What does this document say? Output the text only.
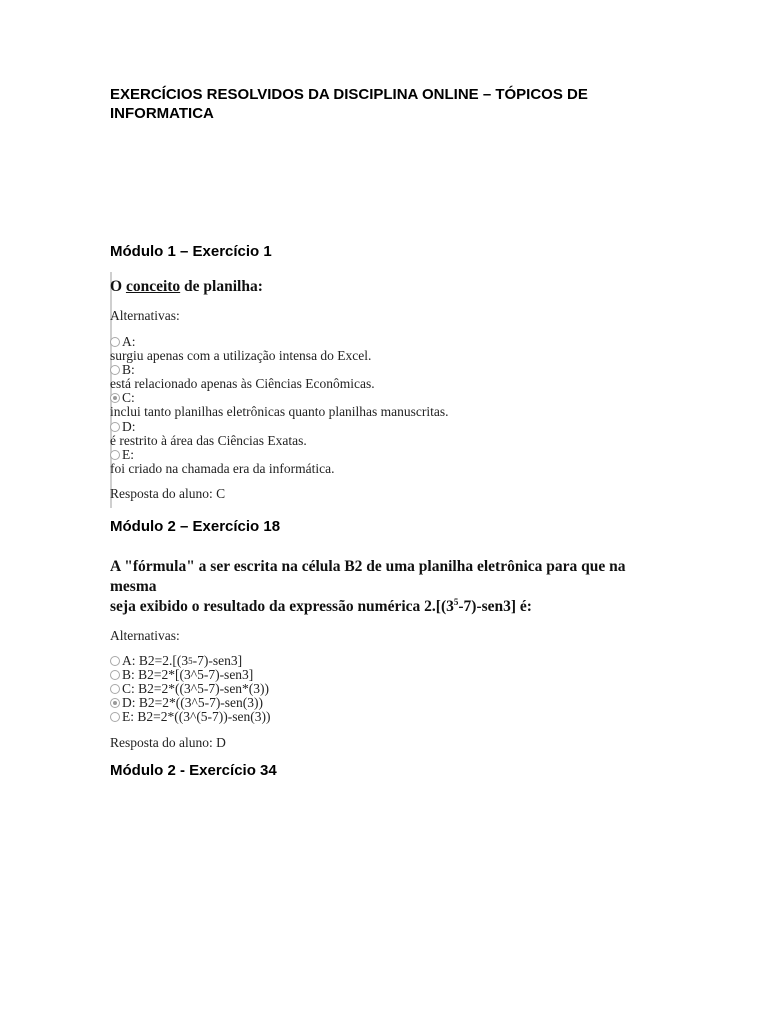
EXERCÍCIOS RESOLVIDOS DA DISCIPLINA ONLINE – TÓPICOS DE
INFORMATICA
Módulo 1 – Exercício 1

O conceito de planilha:

Alternativas:

A:

surgiu apenas com a utilização intensa do Excel.

B:

está relacionado apenas às Ciências Econômicas.

C:

inclui tanto planilhas eletrônicas quanto planilhas manuscritas.

D:

é restrito à área das Ciências Exatas.

E:

foi criado na chamada era da informática.

Resposta do aluno: C

Módulo 2 – Exercício 18

A "fórmula" a ser escrita na célula B2 de uma planilha eletrônica para que na mesma
seja exibido o resultado da expressão numérica $2.[(3^5-7)-sen3]$ é:

Alternativas:

A: B2=2.[(3 5 -7)-sen3]
B: B2=2*[(3^5-7)-sen3]
C: B2=2*((3^5-7)-sen*(3))
D: B2=2*((3^5-7)-sen(3))
E: B2=2*((3^(5-7))-sen(3))

Resposta do aluno: D

Módulo 2 - Exercício 34
